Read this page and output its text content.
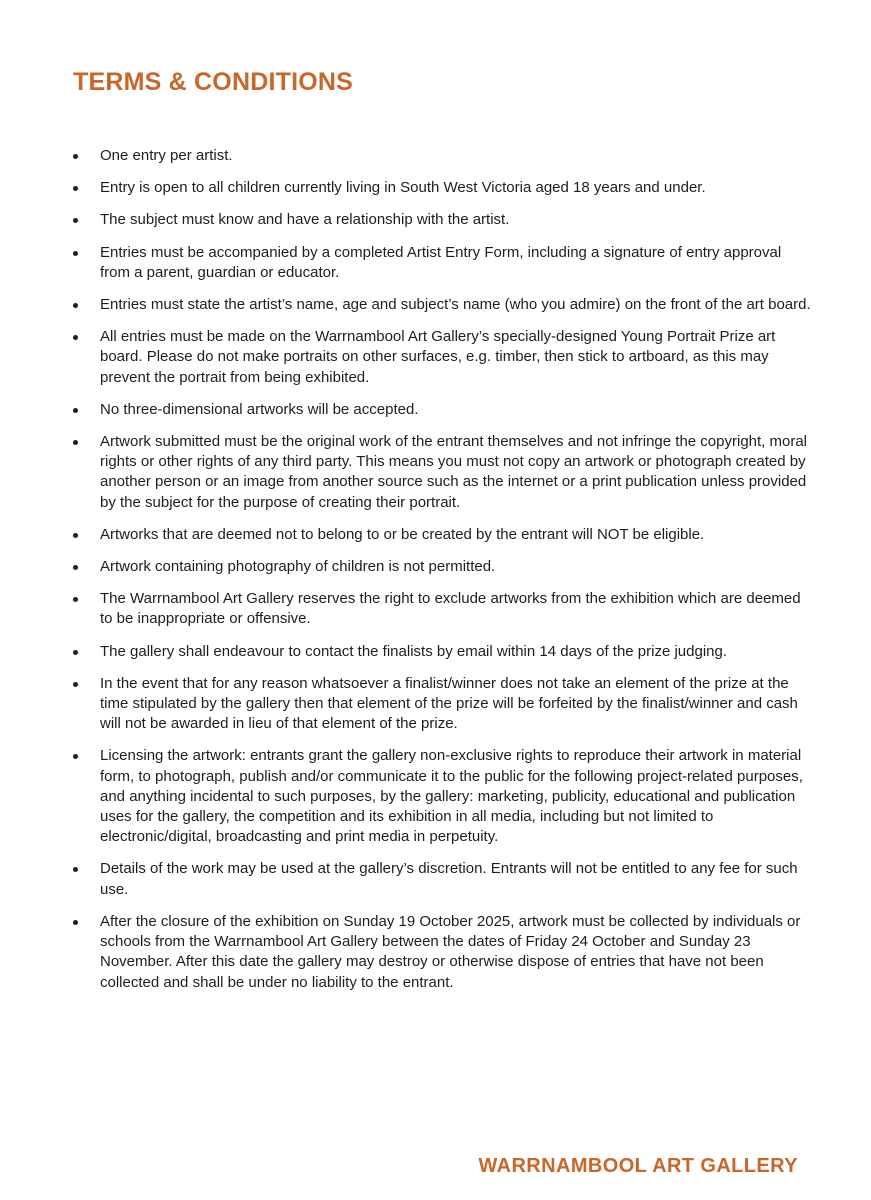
TERMS & CONDITIONS
One entry per artist.
Entry is open to all children currently living in South West Victoria aged 18 years and under.
The subject must know and have a relationship with the artist.
Entries must be accompanied by a completed Artist Entry Form, including a signature of entry approval from a parent, guardian or educator.
Entries must state the artist’s name, age and subject’s name (who you admire) on the front of the art board.
All entries must be made on the Warrnambool Art Gallery’s specially-designed Young Portrait Prize art board. Please do not make portraits on other surfaces, e.g. timber, then stick to artboard, as this may prevent the portrait from being exhibited.
No three-dimensional artworks will be accepted.
Artwork submitted must be the original work of the entrant themselves and not infringe the copyright, moral rights or other rights of any third party. This means you must not copy an artwork or photograph created by another person or an image from another source such as the internet or a print publication unless provided by the subject for the purpose of creating their portrait.
Artworks that are deemed not to belong to or be created by the entrant will NOT be eligible.
Artwork containing photography of children is not permitted.
The Warrnambool Art Gallery reserves the right to exclude artworks from the exhibition which are deemed to be inappropriate or offensive.
The gallery shall endeavour to contact the finalists by email within 14 days of the prize judging.
In the event that for any reason whatsoever a finalist/winner does not take an element of the prize at the time stipulated by the gallery then that element of the prize will be forfeited by the finalist/winner and cash will not be awarded in lieu of that element of the prize.
Licensing the artwork: entrants grant the gallery non-exclusive rights to reproduce their artwork in material form, to photograph, publish and/or communicate it to the public for the following project-related purposes, and anything incidental to such purposes, by the gallery: marketing, publicity, educational and publication uses for the gallery, the competition and its exhibition in all media, including but not limited to electronic/digital, broadcasting and print media in perpetuity.
Details of the work may be used at the gallery’s discretion. Entrants will not be entitled to any fee for such use.
After the closure of the exhibition on Sunday 19 October 2025, artwork must be collected by individuals or schools from the Warrnambool Art Gallery between the dates of Friday 24 October and Sunday 23 November. After this date the gallery may destroy or otherwise dispose of entries that have not been collected and shall be under no liability to the entrant.
WARRNAMBOOL ART GALLERY
